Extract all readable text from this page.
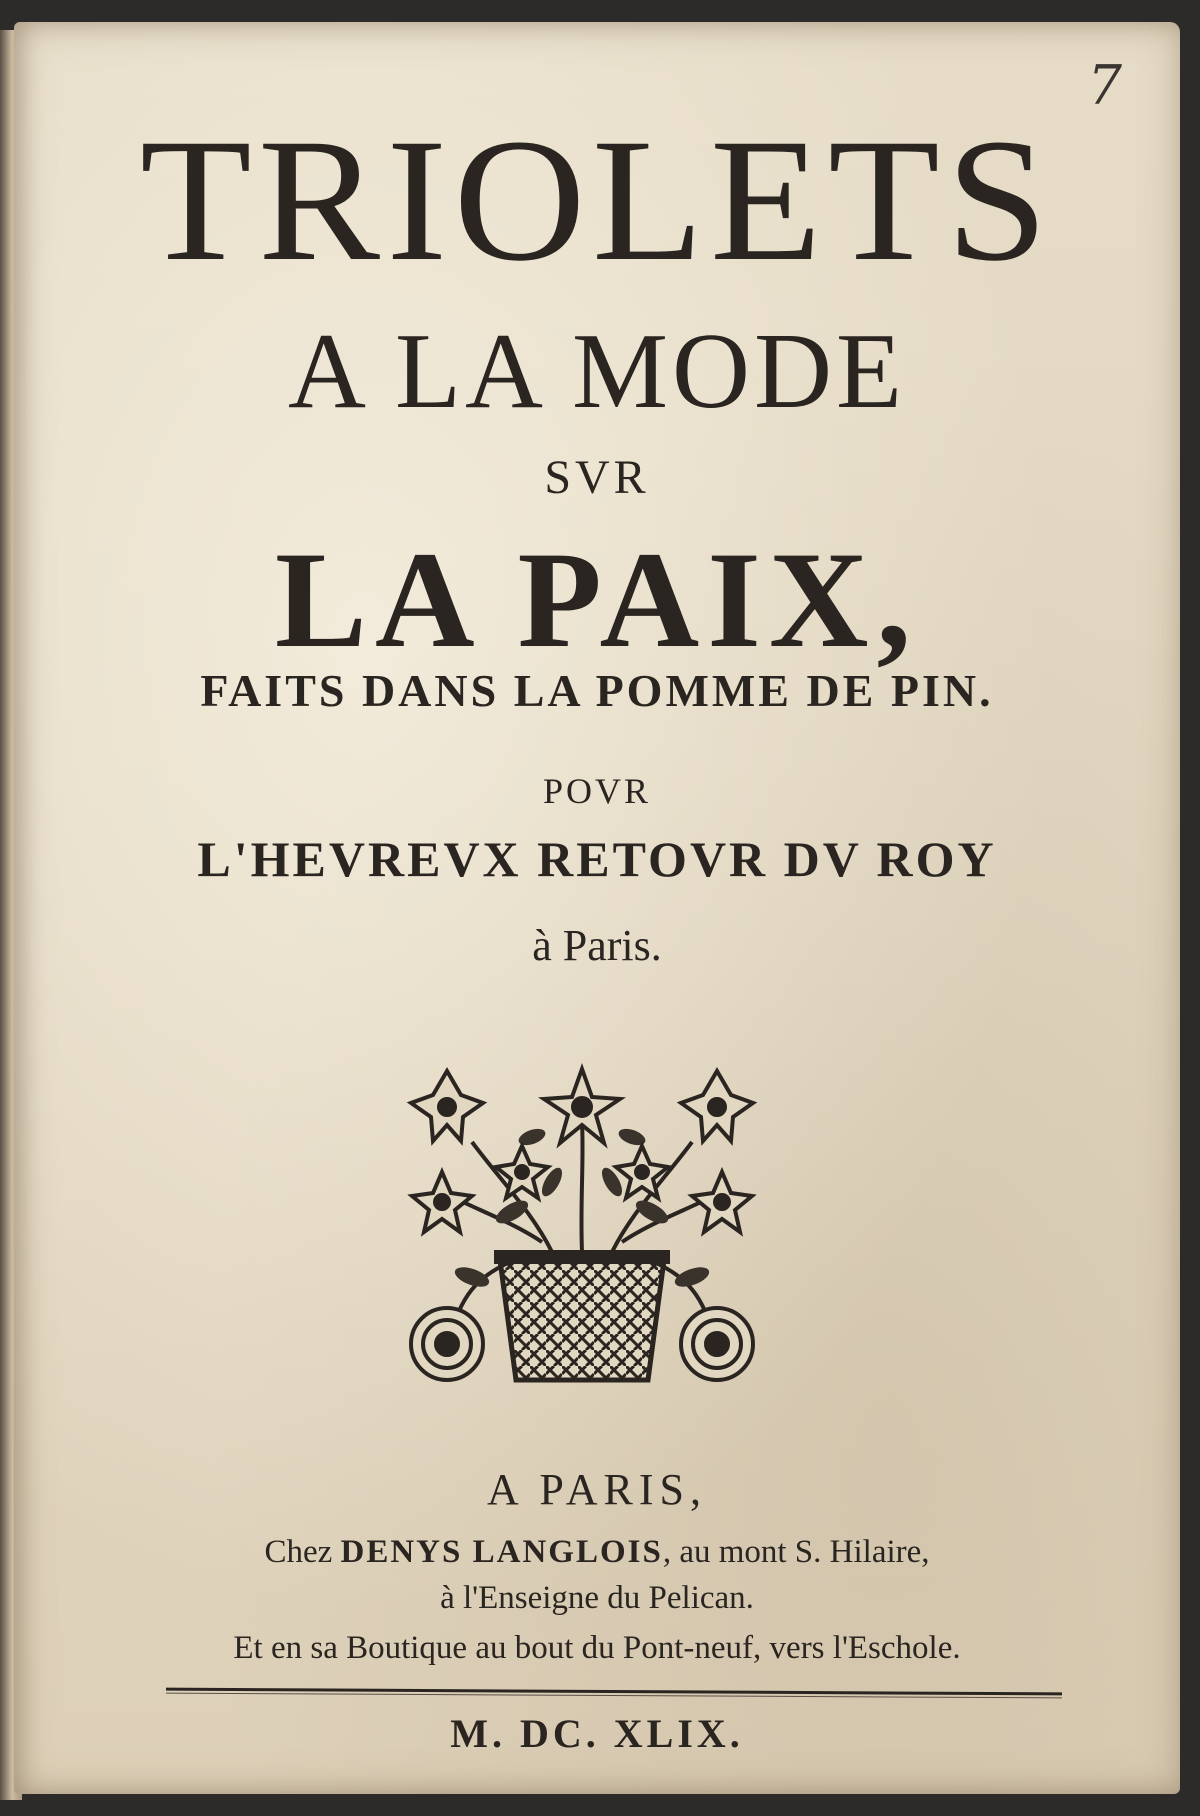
7
TRIOLETS
A LA MODE
SVR
LA PAIX,
FAITS DANS LA POMME DE PIN.
POVR
L'HEVREVX RETOVR DV ROY
à Paris.
A PARIS,
Chez DENYS LANGLOIS, au mont S. Hilaire,
à l'Enseigne du Pelican.
Et en sa Boutique au bout du Pont-neuf, vers l'Eschole.
M. DC. XLIX.
